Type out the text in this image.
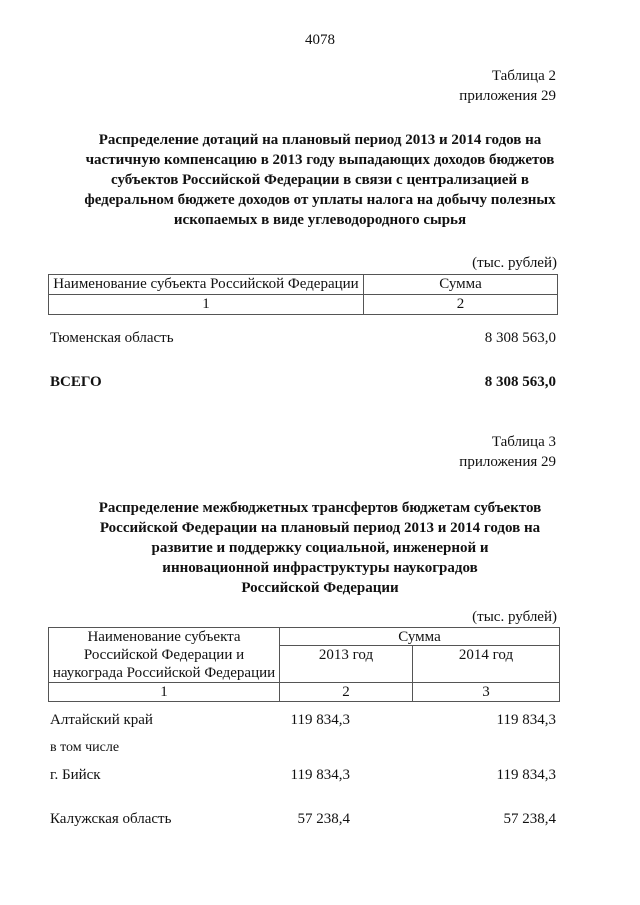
4078
Таблица 2
приложения 29
Распределение дотаций на плановый период 2013 и 2014 годов на
частичную компенсацию в 2013 году выпадающих доходов бюджетов
субъектов Российской Федерации в связи с централизацией в
федеральном бюджете доходов от уплаты налога на добычу полезных
ископаемых в виде углеводородного сырья
(тыс. рублей)
Наименование субъекта Российской Федерации	Сумма
1	2
Тюменская область	8 308 563,0
ВСЕГО	8 308 563,0
Таблица 3
приложения 29
Распределение межбюджетных трансфертов бюджетам субъектов
Российской Федерации на плановый период 2013 и 2014 годов на
развитие и поддержку социальной, инженерной и
инновационной инфраструктуры наукоградов
Российской Федерации
(тыс. рублей)
Наименование субъекта
Российской Федерации и
наукограда Российской Федерации	Сумма	
	2013 год	2014 год
1	2	3
Алтайский край	119 834,3	119 834,3
в том числе
г. Бийск	119 834,3	119 834,3
Калужская область	57 238,4	57 238,4
